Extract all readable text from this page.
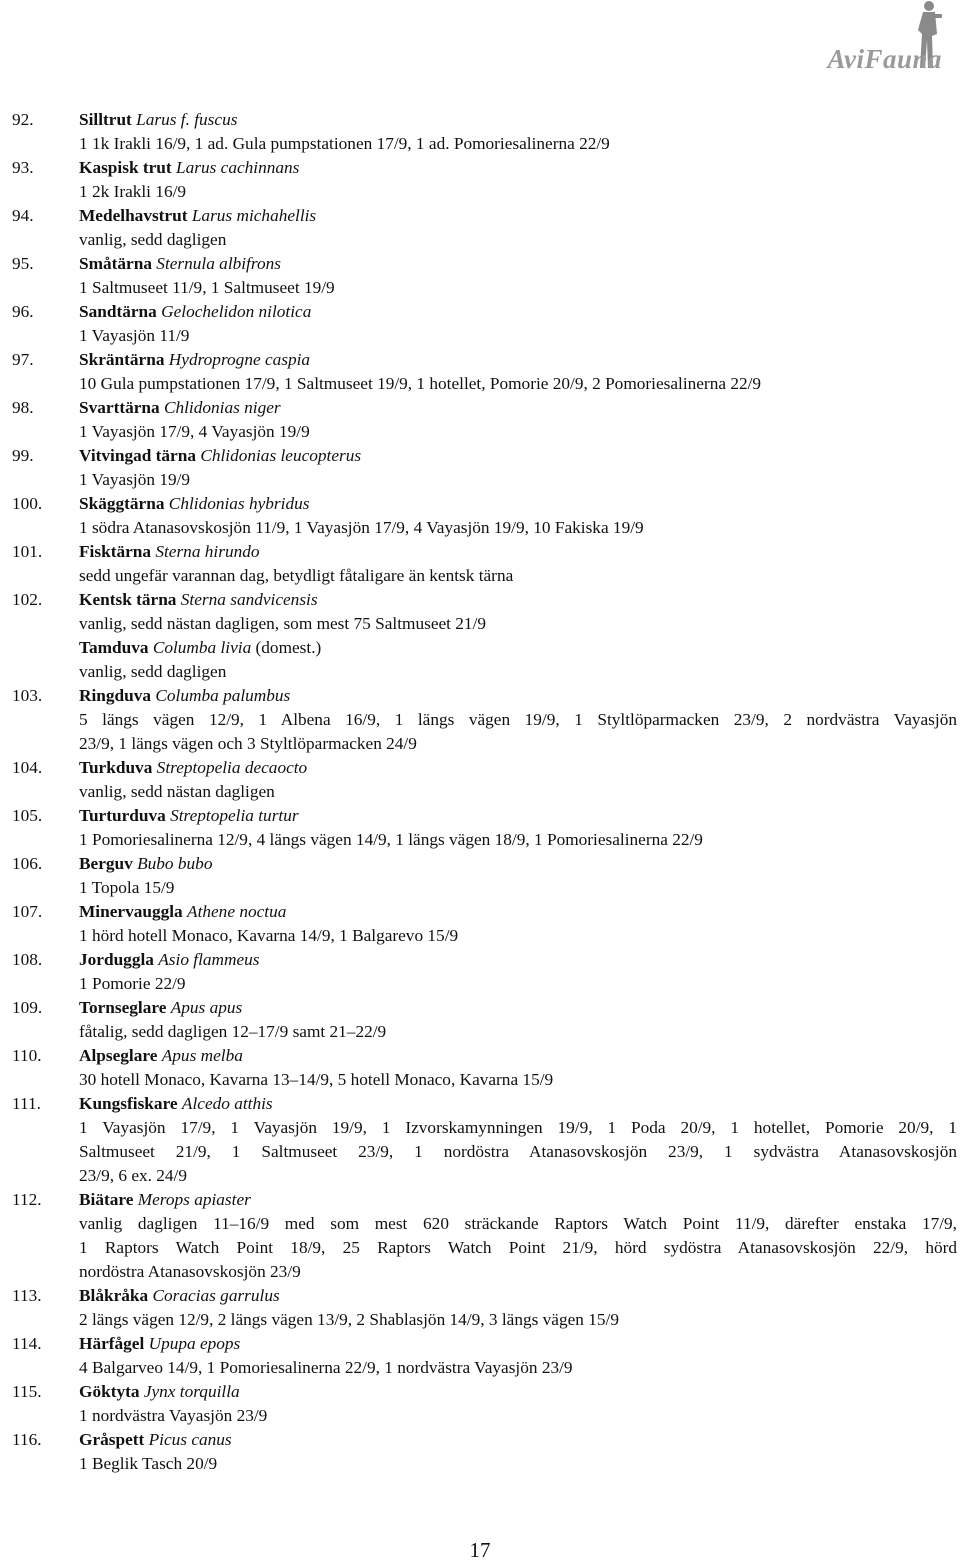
AviFauna
92.	Silltrut Larus f. fuscus
1 1k Irakli 16/9, 1 ad. Gula pumpstationen 17/9, 1 ad. Pomoriesalinerna 22/9
93.	Kaspisk trut Larus cachinnans
1 2k Irakli 16/9
94.	Medelhavstrut Larus michahellis
vanlig, sedd dagligen
95.	Småtärna Sternula albifrons
1 Saltmuseet 11/9, 1 Saltmuseet 19/9
96.	Sandtärna Gelochelidon nilotica
1 Vayasjön 11/9
97.	Skräntärna Hydroprogne caspia
10 Gula pumpstationen 17/9, 1 Saltmuseet 19/9, 1 hotellet, Pomorie 20/9, 2 Pomoriesalinerna 22/9
98.	Svarttärna Chlidonias niger
1 Vayasjön 17/9, 4 Vayasjön 19/9
99.	Vitvingad tärna Chlidonias leucopterus
1 Vayasjön 19/9
100. Skäggtärna Chlidonias hybridus
1 södra Atanasovskosjön 11/9, 1 Vayasjön 17/9, 4 Vayasjön 19/9, 10 Fakiska 19/9
101. Fisktärna Sterna hirundo
sedd ungefär varannan dag, betydligt fåtaligare än kentsk tärna
102. Kentsk tärna Sterna sandvicensis
vanlig, sedd nästan dagligen, som mest 75 Saltmuseet 21/9
Tamduva Columba livia (domest.)
vanlig, sedd dagligen
103. Ringduva Columba palumbus
5 längs vägen 12/9, 1 Albena 16/9, 1 längs vägen 19/9, 1 Styltlöparmacken 23/9, 2 nordvästra Vayasjön
23/9, 1 längs vägen och 3 Styltlöparmacken 24/9
104. Turkduva Streptopelia decaocto
vanlig, sedd nästan dagligen
105. Turturduva Streptopelia turtur
1 Pomoriesalinerna 12/9, 4 längs vägen 14/9, 1 längs vägen 18/9, 1 Pomoriesalinerna 22/9
106. Berguv Bubo bubo
1 Topola 15/9
107. Minervauggla Athene noctua
1 hörd hotell Monaco, Kavarna 14/9, 1 Balgarevo 15/9
108. Jorduggla Asio flammeus
1 Pomorie 22/9
109. Tornseglare Apus apus
fåtalig, sedd dagligen 12–17/9 samt 21–22/9
110. Alpseglare Apus melba
30 hotell Monaco, Kavarna 13–14/9, 5 hotell Monaco, Kavarna 15/9
111. Kungsfiskare Alcedo atthis
1 Vayasjön 17/9, 1 Vayasjön 19/9, 1 Izvorskamynningen 19/9, 1 Poda 20/9, 1 hotellet, Pomorie 20/9, 1
Saltmuseet 21/9, 1 Saltmuseet 23/9, 1 nordöstra Atanasovskosjön 23/9, 1 sydvästra Atanasovskosjön
23/9, 6 ex. 24/9
112. Biätare Merops apiaster
vanlig dagligen 11–16/9 med som mest 620 sträckande Raptors Watch Point 11/9, därefter enstaka 17/9,
1 Raptors Watch Point 18/9, 25 Raptors Watch Point 21/9, hörd sydöstra Atanasovskosjön 22/9, hörd
nordöstra Atanasovskosjön 23/9
113. Blåkråka Coracias garrulus
2 längs vägen 12/9, 2 längs vägen 13/9, 2 Shablasjön 14/9, 3 längs vägen 15/9
114. Härfågel Upupa epops
4 Balgarveo 14/9, 1 Pomoriesalinerna 22/9, 1 nordvästra Vayasjön 23/9
115. Göktyta Jynx torquilla
1 nordvästra Vayasjön 23/9
116. Gråspett Picus canus
1 Beglik Tasch 20/9
17
